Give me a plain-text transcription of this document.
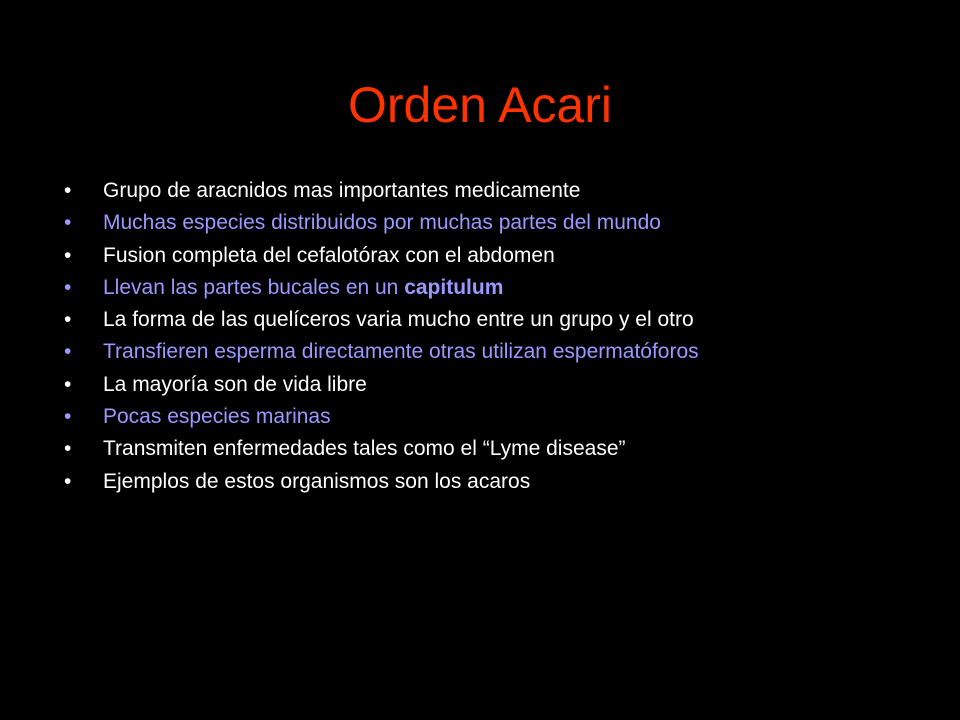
Orden Acari
• Grupo de aracnidos mas importantes medicamente
• Muchas especies distribuidos por muchas partes del mundo
• Fusion completa del cefalotórax con el abdomen
• Llevan las partes bucales en un capitulum
• La forma de las quelíceros varia mucho entre un grupo y el otro
• Transfieren esperma directamente otras utilizan espermatóforos
• La mayoría son de vida libre
• Pocas especies marinas
• Transmiten enfermedades tales como el “Lyme disease”
• Ejemplos de estos organismos son los acaros
